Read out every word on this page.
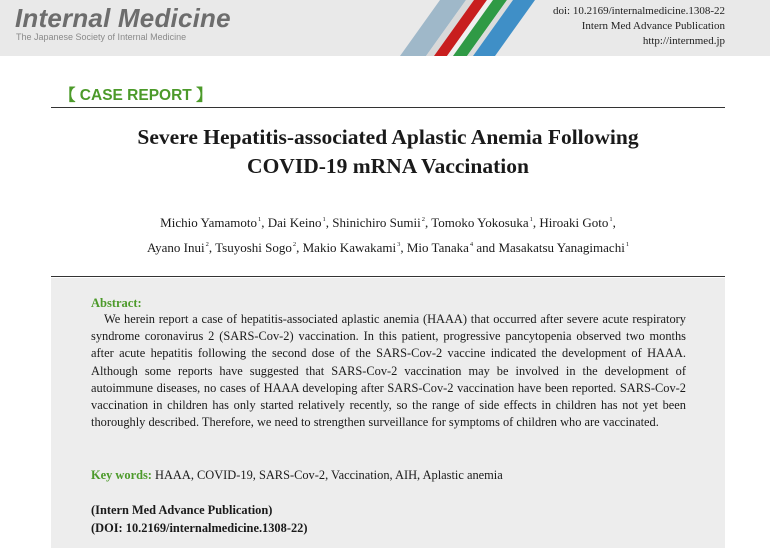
Internal Medicine
The Japanese Society of Internal Medicine
doi: 10.2169/internalmedicine.1308-22
Intern Med Advance Publication
http://internmed.jp
【 CASE REPORT 】
Severe Hepatitis-associated Aplastic Anemia Following
COVID-19 mRNA Vaccination
Michio Yamamoto$^1$, Dai Keino$^1$, Shinichiro Sumii$^2$, Tomoko Yokosuka$^1$, Hiroaki Goto$^1$,
Ayano Inui$^2$, Tsuyoshi Sogo$^2$, Makio Kawakami$^3$, Mio Tanaka$^4$ and Masakatsu Yanagimachi$^1$
Abstract:
We herein report a case of hepatitis-associated aplastic anemia (HAAA) that occurred after severe acute respiratory syndrome coronavirus 2 (SARS-Cov-2) vaccination. In this patient, progressive pancytopenia observed two months after acute hepatitis following the second dose of the SARS-Cov-2 vaccine indicated the development of HAAA. Although some reports have suggested that SARS-Cov-2 vaccination may be involved in the development of autoimmune diseases, no cases of HAAA developing after SARS-Cov-2 vaccination have been reported. SARS-Cov-2 vaccination in children has only started relatively recently, so the range of side effects in children has not yet been thoroughly described. Therefore, we need to strengthen surveillance for symptoms of children who are vaccinated.
Key words: HAAA, COVID-19, SARS-Cov-2, Vaccination, AIH, Aplastic anemia
(Intern Med Advance Publication)
(DOI: 10.2169/internalmedicine.1308-22)
